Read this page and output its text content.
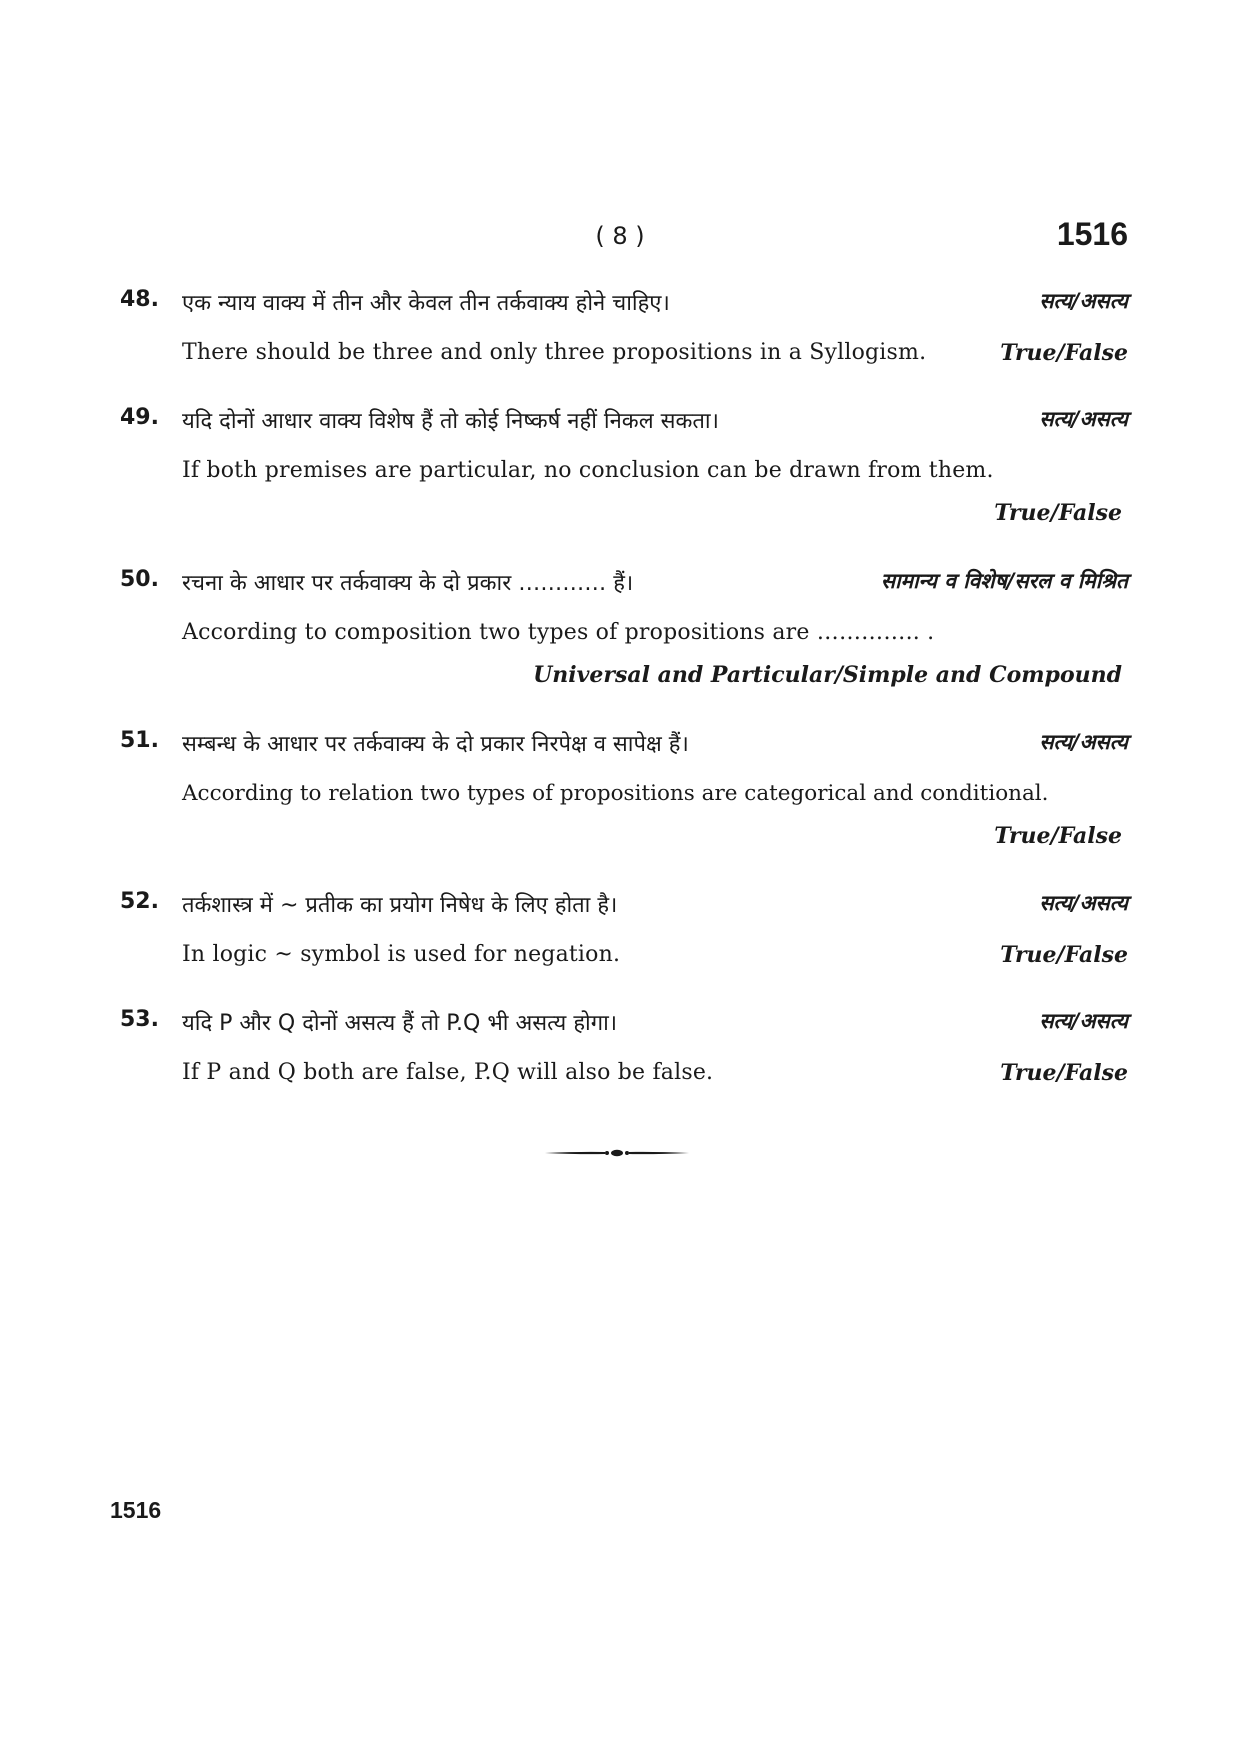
( 8 )	1516
48. एक न्याय वाक्य में तीन और केवल तीन तर्कवाक्य होने चाहिए।	सत्य/असत्य
There should be three and only three propositions in a Syllogism.	True/False
49. यदि दोनों आधार वाक्य विशेष हैं तो कोई निष्कर्ष नहीं निकल सकता।	सत्य/असत्य
If both premises are particular, no conclusion can be drawn from them.
True/False
50. रचना के आधार पर तर्कवाक्य के दो प्रकार ………… हैं।	सामान्य व विशेष/सरल व मिश्रित
According to composition two types of propositions are ………….. .
Universal and Particular/Simple and Compound
51. सम्बन्ध के आधार पर तर्कवाक्य के दो प्रकार निरपेक्ष व सापेक्ष हैं।	सत्य/असत्य
According to relation two types of propositions are categorical and conditional.
True/False
52. तर्कशास्त्र में ~ प्रतीक का प्रयोग निषेध के लिए होता है।	सत्य/असत्य
In logic ~ symbol is used for negation.	True/False
53. यदि P और Q दोनों असत्य हैं तो P.Q भी असत्य होगा।	सत्य/असत्य
If P and Q both are false, P.Q will also be false.	True/False
1516
